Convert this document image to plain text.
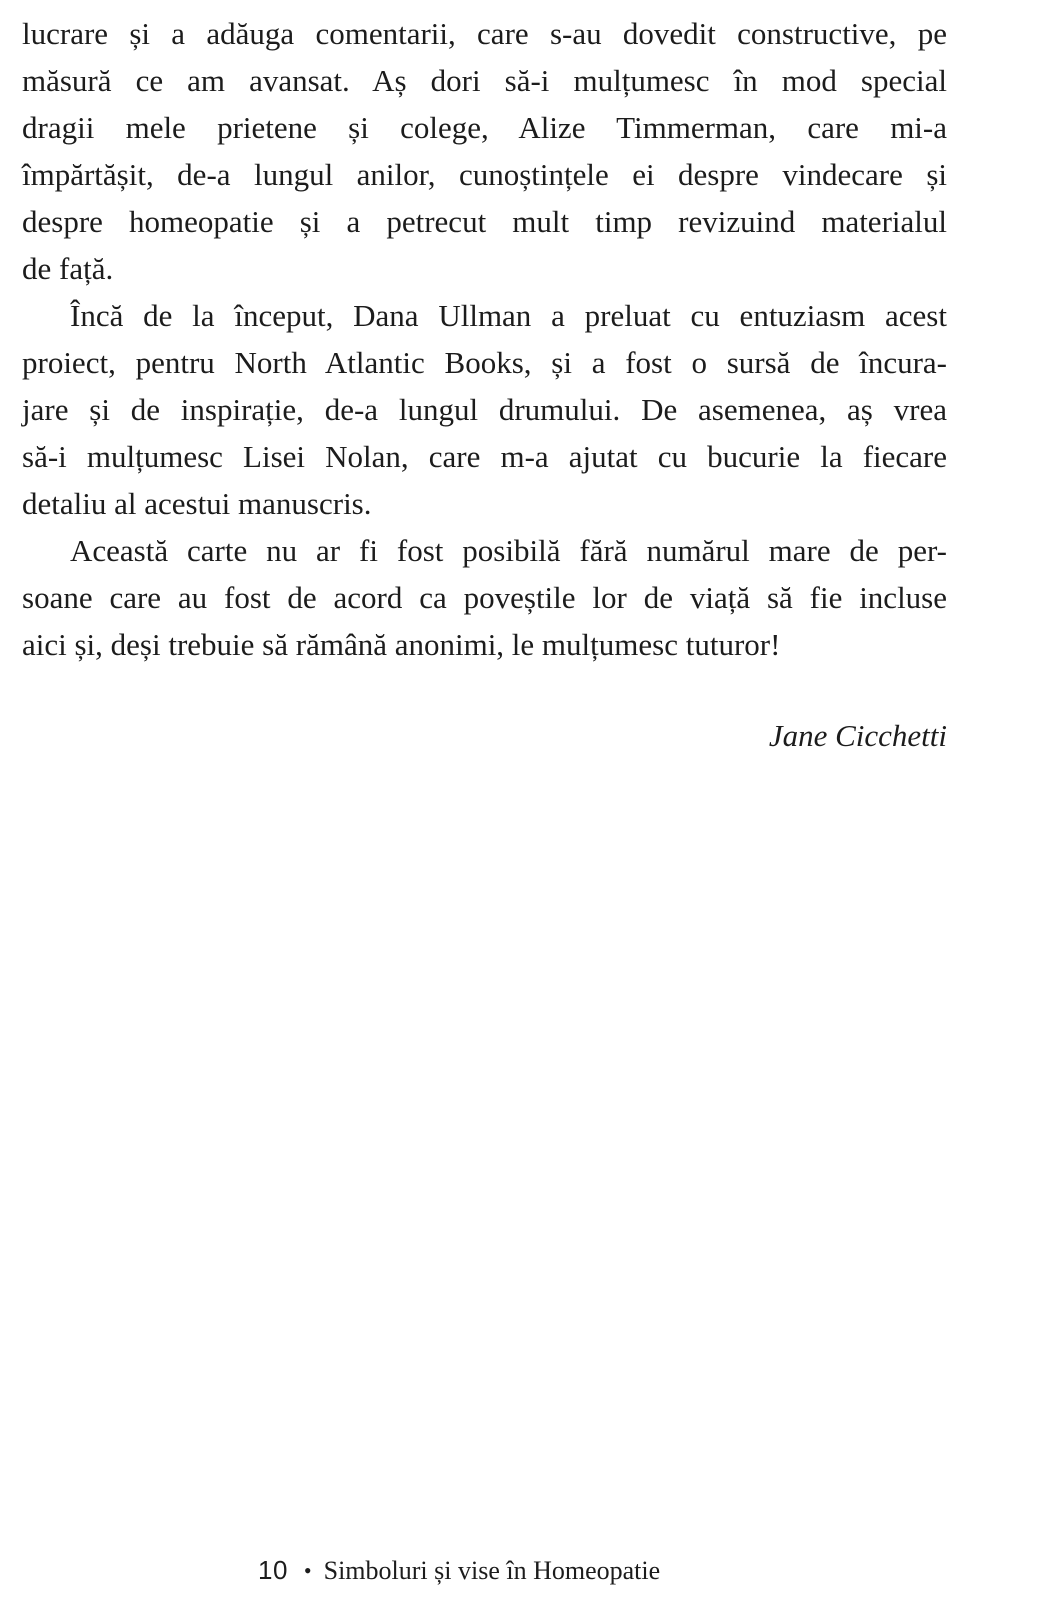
lucrare și a adăuga comentarii, care s-au dovedit constructive, pe
măsură ce am avansat. Aș dori să-i mulțumesc în mod special
dragii mele prietene și colege, Alize Timmerman, care mi-a
împărtășit, de-a lungul anilor, cunoștințele ei despre vindecare și
despre homeopatie și a petrecut mult timp revizuind materialul
de față.
Încă de la început, Dana Ullman a preluat cu entuziasm acest
proiect, pentru North Atlantic Books, și a fost o sursă de încura-
jare și de inspirație, de-a lungul drumului. De asemenea, aș vrea
să-i mulțumesc Lisei Nolan, care m-a ajutat cu bucurie la fiecare
detaliu al acestui manuscris.
Această carte nu ar fi fost posibilă fără numărul mare de per-
soane care au fost de acord ca poveștile lor de viață să fie incluse
aici și, deși trebuie să rămână anonimi, le mulțumesc tuturor!
Jane Cicchetti
10 • Simboluri și vise în Homeopatie
